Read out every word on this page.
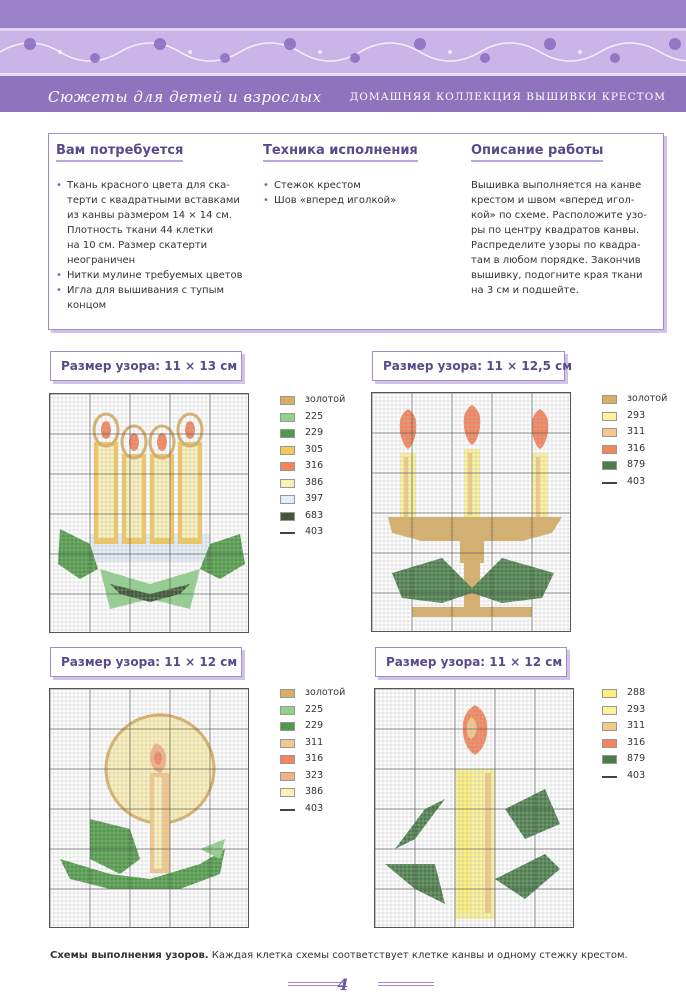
Сюжеты для детей и взрослых	ДОМАШНЯЯ КОЛЛЕКЦИЯ ВЫШИВКИ КРЕСТОМ
Вам потребуется
• Ткань красного цвета для ска-
терти с квадратными вставками
из канвы размером 14 × 14 см.
Плотность ткани 44 клетки
на 10 см. Размер скатерти
неограничен
• Нитки мулине требуемых цветов
• Игла для вышивания с тупым
концом
Техника исполнения
• Стежок крестом
• Шов «вперед иголкой»
Описание работы
Вышивка выполняется на канве
крестом и швом «вперед игол-
кой» по схеме. Расположите узо-
ры по центру квадратов канвы.
Распределите узоры по квадра-
там в любом порядке. Закончив
вышивку, подогните края ткани
на 3 см и подшейте.
Размер узора: 11 × 13 см
золотой
225
229
305
316
386
397
683
403
Размер узора: 11 × 12,5 см
золотой
293
311
316
879
403
Размер узора: 11 × 12 см
золотой
225
229
311
316
323
386
403
Размер узора: 11 × 12 см
288
293
311
316
879
403
Схемы выполнения узоров. Каждая клетка схемы соответствует клетке канвы и одному стежку крестом.
4
